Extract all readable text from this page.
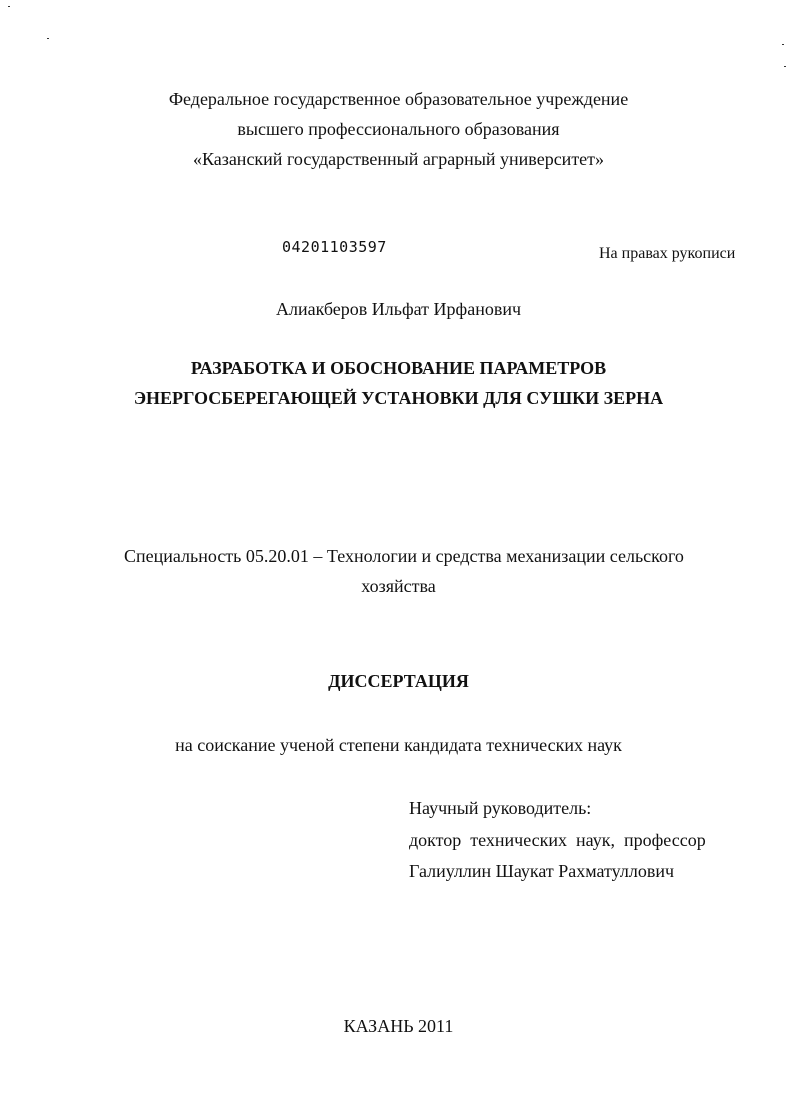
Федеральное государственное образовательное учреждение
высшего профессионального образования
«Казанский государственный аграрный университет»
04201103597	На правах рукописи
Алиакберов Ильфат Ирфанович
РАЗРАБОТКА И ОБОСНОВАНИЕ ПАРАМЕТРОВ
ЭНЕРГОСБЕРЕГАЮЩЕЙ УСТАНОВКИ ДЛЯ СУШКИ ЗЕРНА
Специальность 05.20.01 – Технологии и средства механизации сельского
хозяйства
ДИССЕРТАЦИЯ
на соискание ученой степени кандидата технических наук
Научный руководитель:
доктор  технических  наук,  профессор
Галиуллин Шаукат Рахматуллович
КАЗАНЬ 2011
